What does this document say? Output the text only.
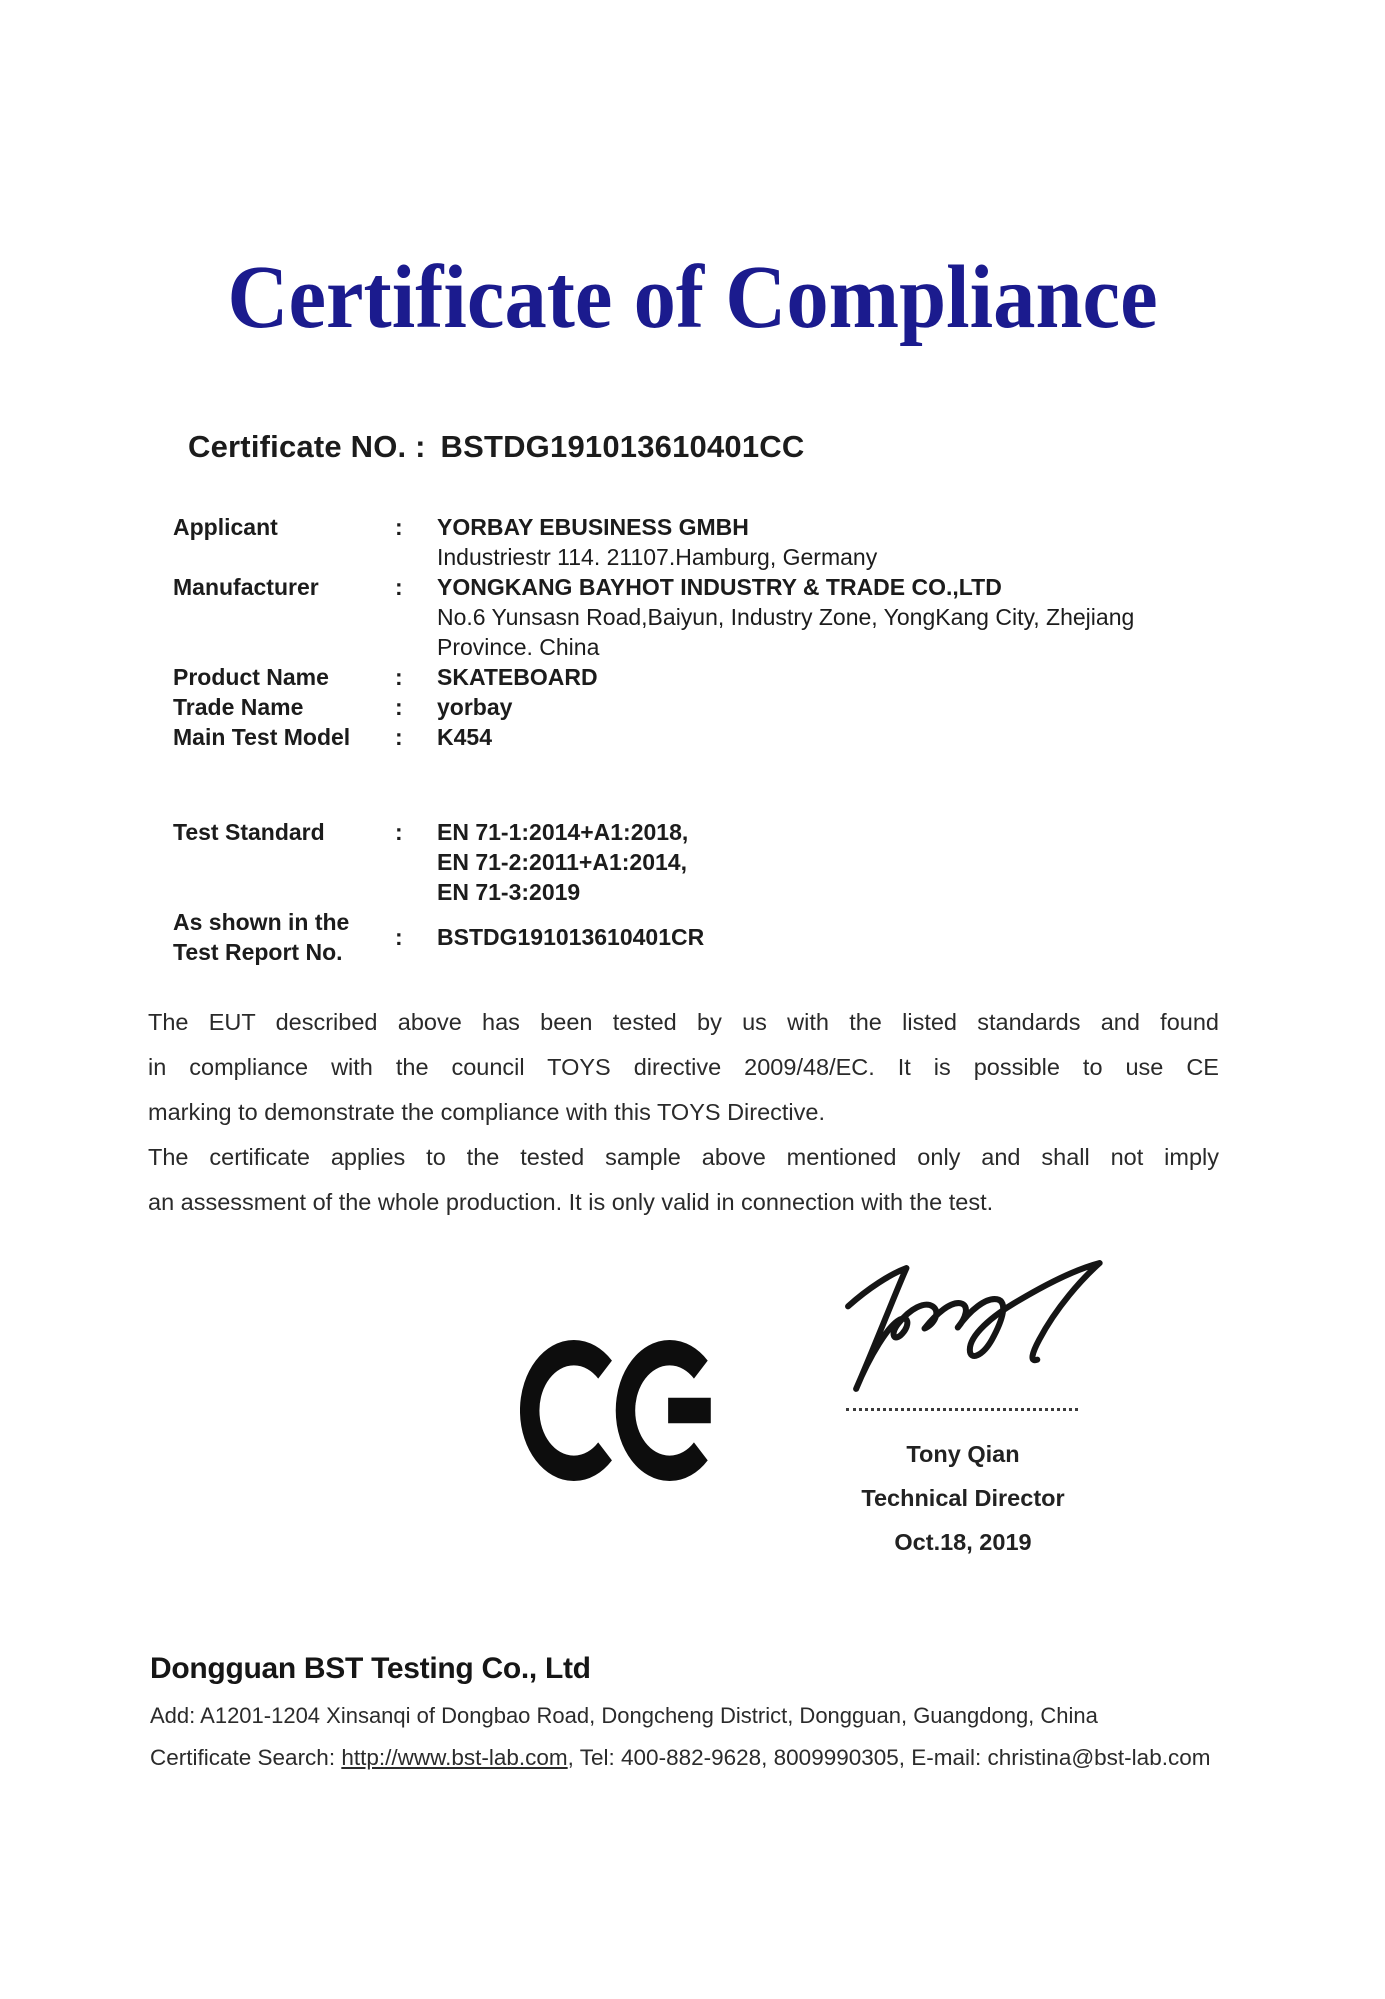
Certificate of Compliance
Certificate NO. : BSTDG191013610401CC
Applicant	:	YORBAY EBUSINESS GMBH
Industriestr 114. 21107.Hamburg, Germany
Manufacturer	:	YONGKANG BAYHOT INDUSTRY & TRADE CO.,LTD
No.6 Yunsasn Road,Baiyun, Industry Zone, YongKang City, Zhejiang
Province. China
Product Name	:	SKATEBOARD
Trade Name	:	yorbay
Main Test Model	:	K454
Test Standard	:	EN 71-1:2014+A1:2018,
EN 71-2:2011+A1:2014,
EN 71-3:2019
As shown in the
Test Report No.
:	BSTDG191013610401CR
The EUT described above has been tested by us with the listed standards and found
in compliance with the council TOYS directive 2009/48/EC. It is possible to use CE
marking to demonstrate the compliance with this TOYS Directive.
The certificate applies to the tested sample above mentioned only and shall not imply
an assessment of the whole production. It is only valid in connection with the test.
Tony Qian
Technical Director
Oct.18, 2019
Dongguan BST Testing Co., Ltd
Add: A1201-1204 Xinsanqi of Dongbao Road, Dongcheng District, Dongguan, Guangdong, China
Certificate Search: http://www.bst-lab.com, Tel: 400-882-9628, 8009990305, E-mail: christina@bst-lab.com
